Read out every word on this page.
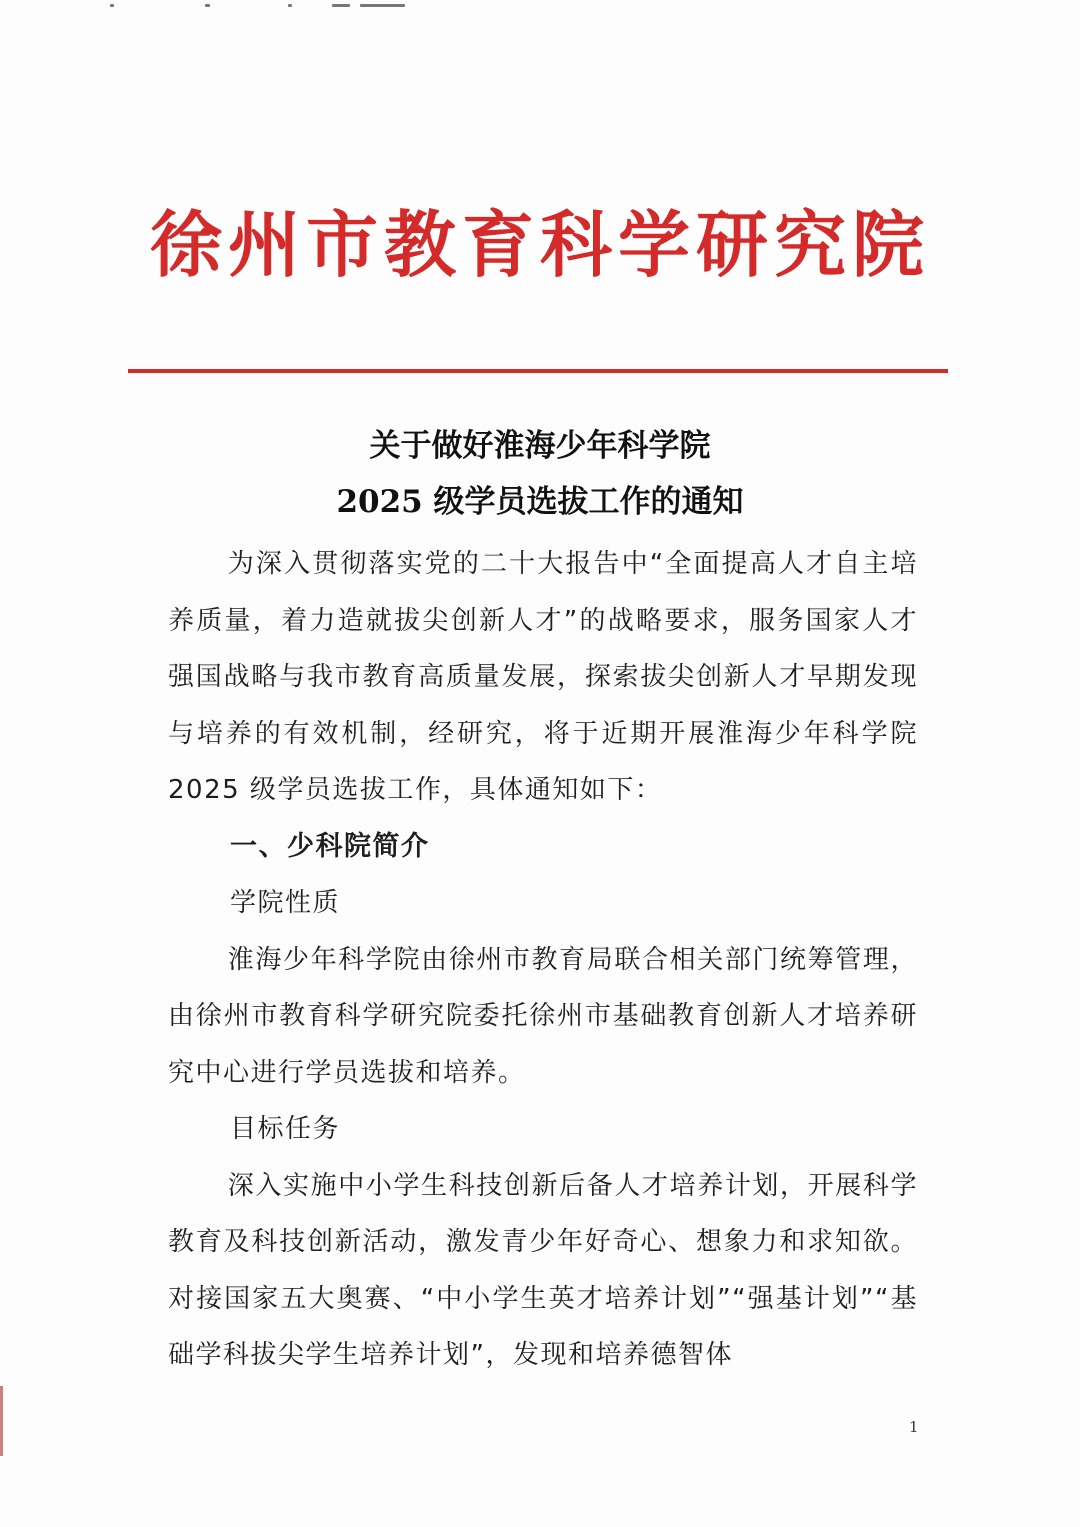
徐州市教育科学研究院
关于做好淮海少年科学院
2025 级学员选拔工作的通知

为深入贯彻落实党的二十大报告中“全面提高人才自主培养质量，着力造就拔尖创新人才”的战略要求，服务国家人才强国战略与我市教育高质量发展，探索拔尖创新人才早期发现与培养的有效机制，经研究，将于近期开展淮海少年科学院 2025 级学员选拔工作，具体通知如下：

一、少科院简介

学院性质

淮海少年科学院由徐州市教育局联合相关部门统筹管理，由徐州市教育科学研究院委托徐州市基础教育创新人才培养研究中心进行学员选拔和培养。

目标任务

深入实施中小学生科技创新后备人才培养计划，开展科学教育及科技创新活动，激发青少年好奇心、想象力和求知欲。对接国家五大奥赛、“中小学生英才培养计划”“强基计划”“基础学科拔尖学生培养计划”，发现和培养德智体

1
